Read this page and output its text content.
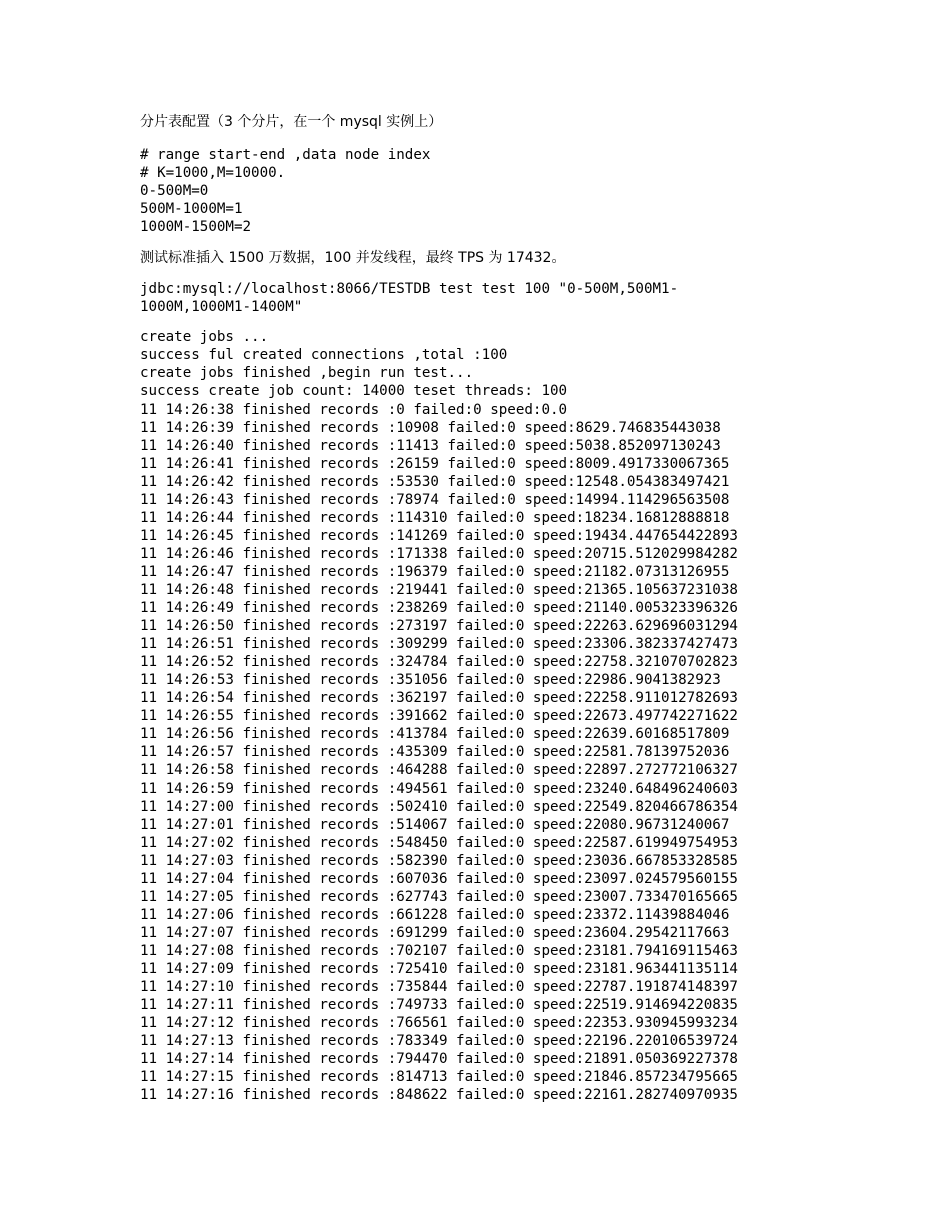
分片表配置（3 个分片，在一个 mysql 实例上）

# range start-end ,data node index
# K=1000,M=10000.
0-500M=0
500M-1000M=1
1000M-1500M=2

测试标准插入 1500 万数据，100 并发线程，最终 TPS 为 17432。

jdbc:mysql://localhost:8066/TESTDB test test 100 "0-500M,500M1-
1000M,1000M1-1400M"
create jobs ...
success ful created connections ,total :100
create jobs finished ,begin run test...
success create job count: 14000 teset threads: 100
11 14:26:38 finished records :0 failed:0 speed:0.0
11 14:26:39 finished records :10908 failed:0 speed:8629.746835443038
11 14:26:40 finished records :11413 failed:0 speed:5038.852097130243
11 14:26:41 finished records :26159 failed:0 speed:8009.4917330067365
11 14:26:42 finished records :53530 failed:0 speed:12548.054383497421
11 14:26:43 finished records :78974 failed:0 speed:14994.114296563508
11 14:26:44 finished records :114310 failed:0 speed:18234.16812888818
11 14:26:45 finished records :141269 failed:0 speed:19434.447654422893
11 14:26:46 finished records :171338 failed:0 speed:20715.512029984282
11 14:26:47 finished records :196379 failed:0 speed:21182.07313126955
11 14:26:48 finished records :219441 failed:0 speed:21365.105637231038
11 14:26:49 finished records :238269 failed:0 speed:21140.005323396326
11 14:26:50 finished records :273197 failed:0 speed:22263.629696031294
11 14:26:51 finished records :309299 failed:0 speed:23306.382337427473
11 14:26:52 finished records :324784 failed:0 speed:22758.321070702823
11 14:26:53 finished records :351056 failed:0 speed:22986.9041382923
11 14:26:54 finished records :362197 failed:0 speed:22258.911012782693
11 14:26:55 finished records :391662 failed:0 speed:22673.497742271622
11 14:26:56 finished records :413784 failed:0 speed:22639.60168517809
11 14:26:57 finished records :435309 failed:0 speed:22581.78139752036
11 14:26:58 finished records :464288 failed:0 speed:22897.272772106327
11 14:26:59 finished records :494561 failed:0 speed:23240.648496240603
11 14:27:00 finished records :502410 failed:0 speed:22549.820466786354
11 14:27:01 finished records :514067 failed:0 speed:22080.96731240067
11 14:27:02 finished records :548450 failed:0 speed:22587.619949754953
11 14:27:03 finished records :582390 failed:0 speed:23036.667853328585
11 14:27:04 finished records :607036 failed:0 speed:23097.024579560155
11 14:27:05 finished records :627743 failed:0 speed:23007.733470165665
11 14:27:06 finished records :661228 failed:0 speed:23372.11439884046
11 14:27:07 finished records :691299 failed:0 speed:23604.29542117663
11 14:27:08 finished records :702107 failed:0 speed:23181.794169115463
11 14:27:09 finished records :725410 failed:0 speed:23181.963441135114
11 14:27:10 finished records :735844 failed:0 speed:22787.191874148397
11 14:27:11 finished records :749733 failed:0 speed:22519.914694220835
11 14:27:12 finished records :766561 failed:0 speed:22353.930945993234
11 14:27:13 finished records :783349 failed:0 speed:22196.220106539724
11 14:27:14 finished records :794470 failed:0 speed:21891.050369227378
11 14:27:15 finished records :814713 failed:0 speed:21846.857234795665
11 14:27:16 finished records :848622 failed:0 speed:22161.282740970935
